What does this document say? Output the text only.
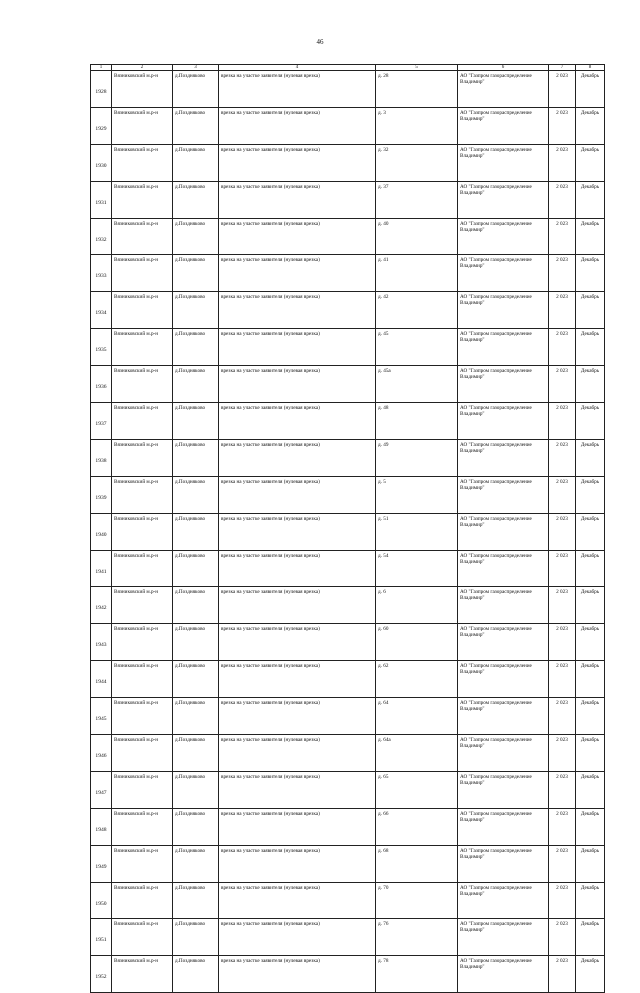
46
1	2	3	4	5	6	7	8
1928	Вязниковский м.р-н	д.Позднякoво	врезка на участке заявителя (нулевая врезка)	д. 28	АО "Газпром газораспределение Владимир"	2 023	Декабрь
1929	Вязниковский м.р-н	д.Позднякoво	врезка на участке заявителя (нулевая врезка)	д. 3	АО "Газпром газораспределение Владимир"	2 023	Декабрь
1930	Вязниковский м.р-н	д.Позднякoво	врезка на участке заявителя (нулевая врезка)	д. 32	АО "Газпром газораспределение Владимир"	2 023	Декабрь
1931	Вязниковский м.р-н	д.Позднякoво	врезка на участке заявителя (нулевая врезка)	д. 37	АО "Газпром газораспределение Владимир"	2 023	Декабрь
1932	Вязниковский м.р-н	д.Позднякoво	врезка на участке заявителя (нулевая врезка)	д. 40	АО "Газпром газораспределение Владимир"	2 023	Декабрь
1933	Вязниковский м.р-н	д.Позднякoво	врезка на участке заявителя (нулевая врезка)	д. 41	АО "Газпром газораспределение Владимир"	2 023	Декабрь
1934	Вязниковский м.р-н	д.Позднякoво	врезка на участке заявителя (нулевая врезка)	д. 42	АО "Газпром газораспределение Владимир"	2 023	Декабрь
1935	Вязниковский м.р-н	д.Позднякoво	врезка на участке заявителя (нулевая врезка)	д. 45	АО "Газпром газораспределение Владимир"	2 023	Декабрь
1936	Вязниковский м.р-н	д.Позднякoво	врезка на участке заявителя (нулевая врезка)	д. 45а	АО "Газпром газораспределение Владимир"	2 023	Декабрь
1937	Вязниковский м.р-н	д.Позднякoво	врезка на участке заявителя (нулевая врезка)	д. 48	АО "Газпром газораспределение Владимир"	2 023	Декабрь
1938	Вязниковский м.р-н	д.Позднякoво	врезка на участке заявителя (нулевая врезка)	д. 49	АО "Газпром газораспределение Владимир"	2 023	Декабрь
1939	Вязниковский м.р-н	д.Позднякoво	врезка на участке заявителя (нулевая врезка)	д. 5	АО "Газпром газораспределение Владимир"	2 023	Декабрь
1940	Вязниковский м.р-н	д.Позднякoво	врезка на участке заявителя (нулевая врезка)	д. 51	АО "Газпром газораспределение Владимир"	2 023	Декабрь
1941	Вязниковский м.р-н	д.Позднякoво	врезка на участке заявителя (нулевая врезка)	д. 54	АО "Газпром газораспределение Владимир"	2 023	Декабрь
1942	Вязниковский м.р-н	д.Позднякoво	врезка на участке заявителя (нулевая врезка)	д. 6	АО "Газпром газораспределение Владимир"	2 023	Декабрь
1943	Вязниковский м.р-н	д.Позднякoво	врезка на участке заявителя (нулевая врезка)	д. 60	АО "Газпром газораспределение Владимир"	2 023	Декабрь
1944	Вязниковский м.р-н	д.Позднякoво	врезка на участке заявителя (нулевая врезка)	д. 62	АО "Газпром газораспределение Владимир"	2 023	Декабрь
1945	Вязниковский м.р-н	д.Позднякoво	врезка на участке заявителя (нулевая врезка)	д. 64	АО "Газпром газораспределение Владимир"	2 023	Декабрь
1946	Вязниковский м.р-н	д.Позднякoво	врезка на участке заявителя (нулевая врезка)	д. 64а	АО "Газпром газораспределение Владимир"	2 023	Декабрь
1947	Вязниковский м.р-н	д.Позднякoво	врезка на участке заявителя (нулевая врезка)	д. 65	АО "Газпром газораспределение Владимир"	2 023	Декабрь
1948	Вязниковский м.р-н	д.Позднякoво	врезка на участке заявителя (нулевая врезка)	д. 66	АО "Газпром газораспределение Владимир"	2 023	Декабрь
1949	Вязниковский м.р-н	д.Позднякoво	врезка на участке заявителя (нулевая врезка)	д. 68	АО "Газпром газораспределение Владимир"	2 023	Декабрь
1950	Вязниковский м.р-н	д.Позднякoво	врезка на участке заявителя (нулевая врезка)	д. 70	АО "Газпром газораспределение Владимир"	2 023	Декабрь
1951	Вязниковский м.р-н	д.Позднякoво	врезка на участке заявителя (нулевая врезка)	д. 76	АО "Газпром газораспределение Владимир"	2 023	Декабрь
1952	Вязниковский м.р-н	д.Позднякoво	врезка на участке заявителя (нулевая врезка)	д. 78	АО "Газпром газораспределение Владимир"	2 023	Декабрь
